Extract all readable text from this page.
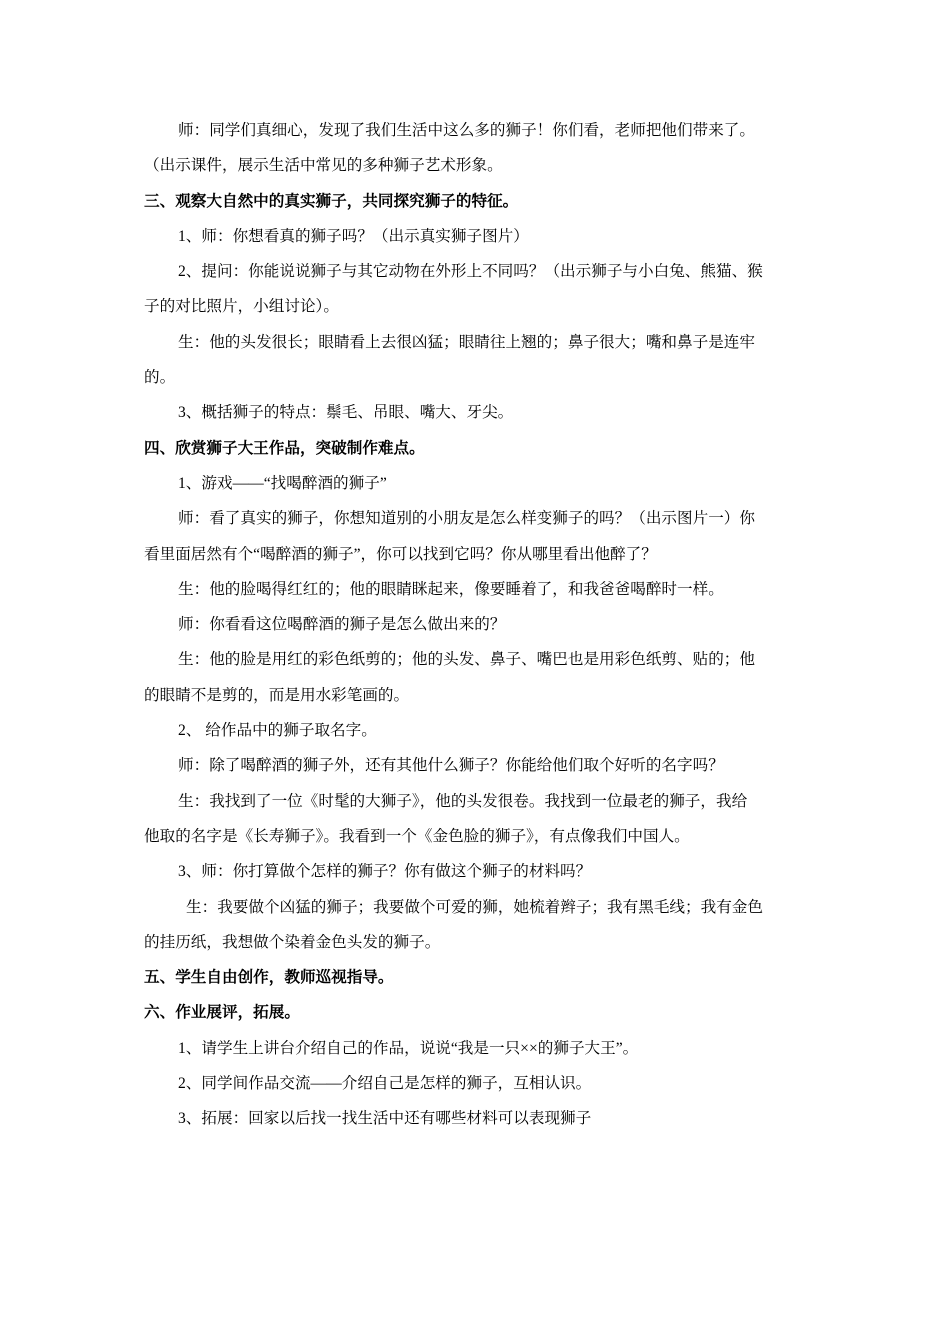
师：同学们真细心，发现了我们生活中这么多的狮子！你们看，老师把他们带来了。
（出示课件，展示生活中常见的多种狮子艺术形象。
三、观察大自然中的真实狮子，共同探究狮子的特征。
1、师：你想看真的狮子吗？（出示真实狮子图片）
2、提问：你能说说狮子与其它动物在外形上不同吗？（出示狮子与小白兔、熊猫、猴
子的对比照片，小组讨论）。
生：他的头发很长；眼睛看上去很凶猛；眼睛往上翘的；鼻子很大；嘴和鼻子是连牢
的。
3、概括狮子的特点：鬃毛、吊眼、嘴大、牙尖。
四、欣赏狮子大王作品，突破制作难点。
1、游戏——“找喝醉酒的狮子”
师：看了真实的狮子，你想知道别的小朋友是怎么样变狮子的吗？（出示图片一）你
看里面居然有个“喝醉酒的狮子”，你可以找到它吗？你从哪里看出他醉了？
生：他的脸喝得红红的；他的眼睛眯起来，像要睡着了，和我爸爸喝醉时一样。
师：你看看这位喝醉酒的狮子是怎么做出来的？
生：他的脸是用红的彩色纸剪的；他的头发、鼻子、嘴巴也是用彩色纸剪、贴的；他
的眼睛不是剪的，而是用水彩笔画的。
2、 给作品中的狮子取名字。
师：除了喝醉酒的狮子外，还有其他什么狮子？你能给他们取个好听的名字吗？
生：我找到了一位《时髦的大狮子》，他的头发很卷。我找到一位最老的狮子，我给
他取的名字是《长寿狮子》。我看到一个《金色脸的狮子》，有点像我们中国人。
3、师：你打算做个怎样的狮子？你有做这个狮子的材料吗？
生：我要做个凶猛的狮子；我要做个可爱的狮，她梳着辫子；我有黑毛线；我有金色
的挂历纸，我想做个染着金色头发的狮子。
五、学生自由创作，教师巡视指导。
六、作业展评，拓展。
1、请学生上讲台介绍自己的作品，说说“我是一只××的狮子大王”。
2、同学间作品交流——介绍自己是怎样的狮子，互相认识。
3、拓展：回家以后找一找生活中还有哪些材料可以表现狮子
